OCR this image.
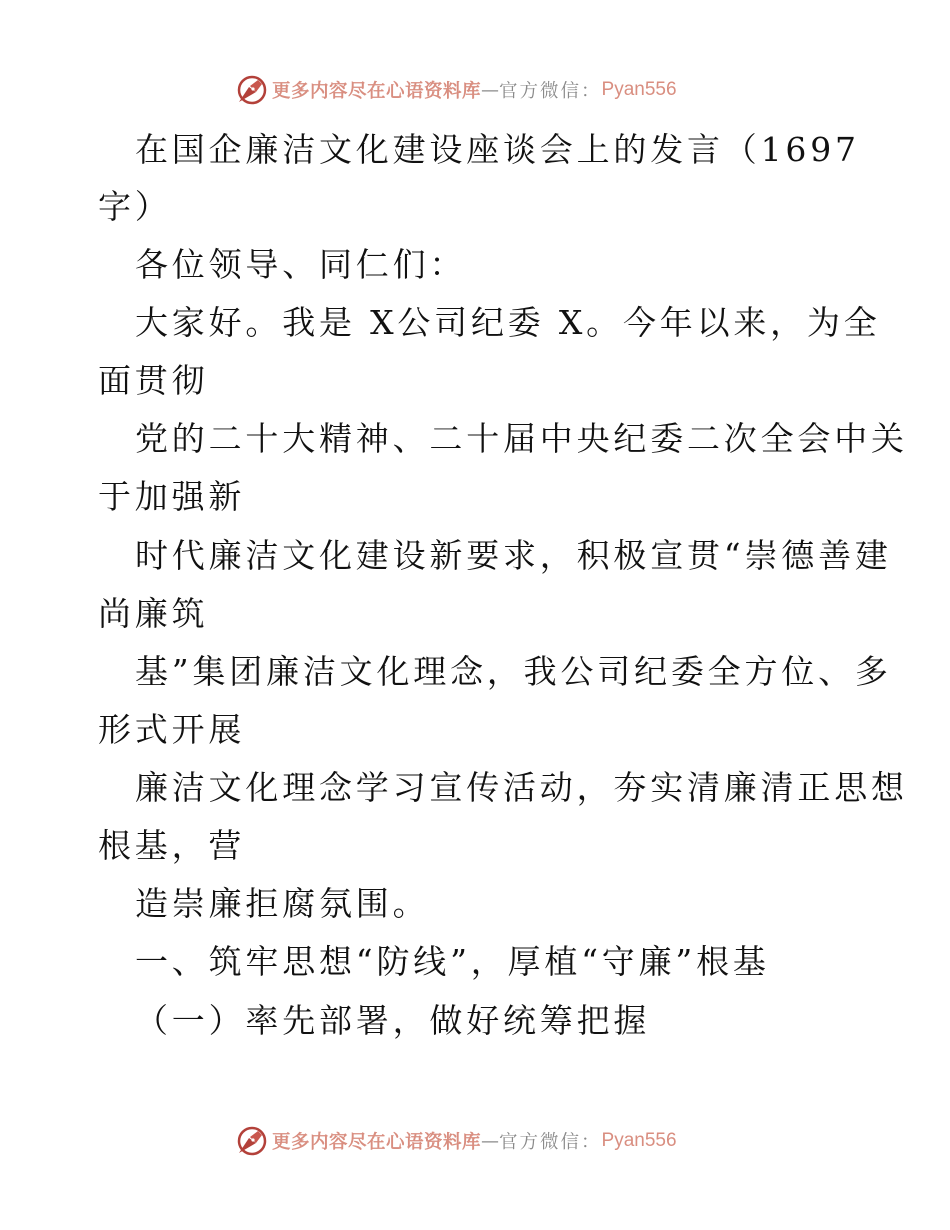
更多内容尽在心语资料库 — 官方微信： Pyan556
在国企廉洁文化建设座谈会上的发言（1697
字）
各位领导、同仁们：
大家好。我是 X公司纪委 X。今年以来，为全
面贯彻
党的二十大精神、二十届中央纪委二次全会中关
于加强新
时代廉洁文化建设新要求，积极宣贯“崇德善建
尚廉筑
基”集团廉洁文化理念，我公司纪委全方位、多
形式开展
廉洁文化理念学习宣传活动，夯实清廉清正思想
根基，营
造崇廉拒腐氛围。
一、筑牢思想“防线”，厚植“守廉”根基
（一）率先部署，做好统筹把握
更多内容尽在心语资料库 — 官方微信： Pyan556
